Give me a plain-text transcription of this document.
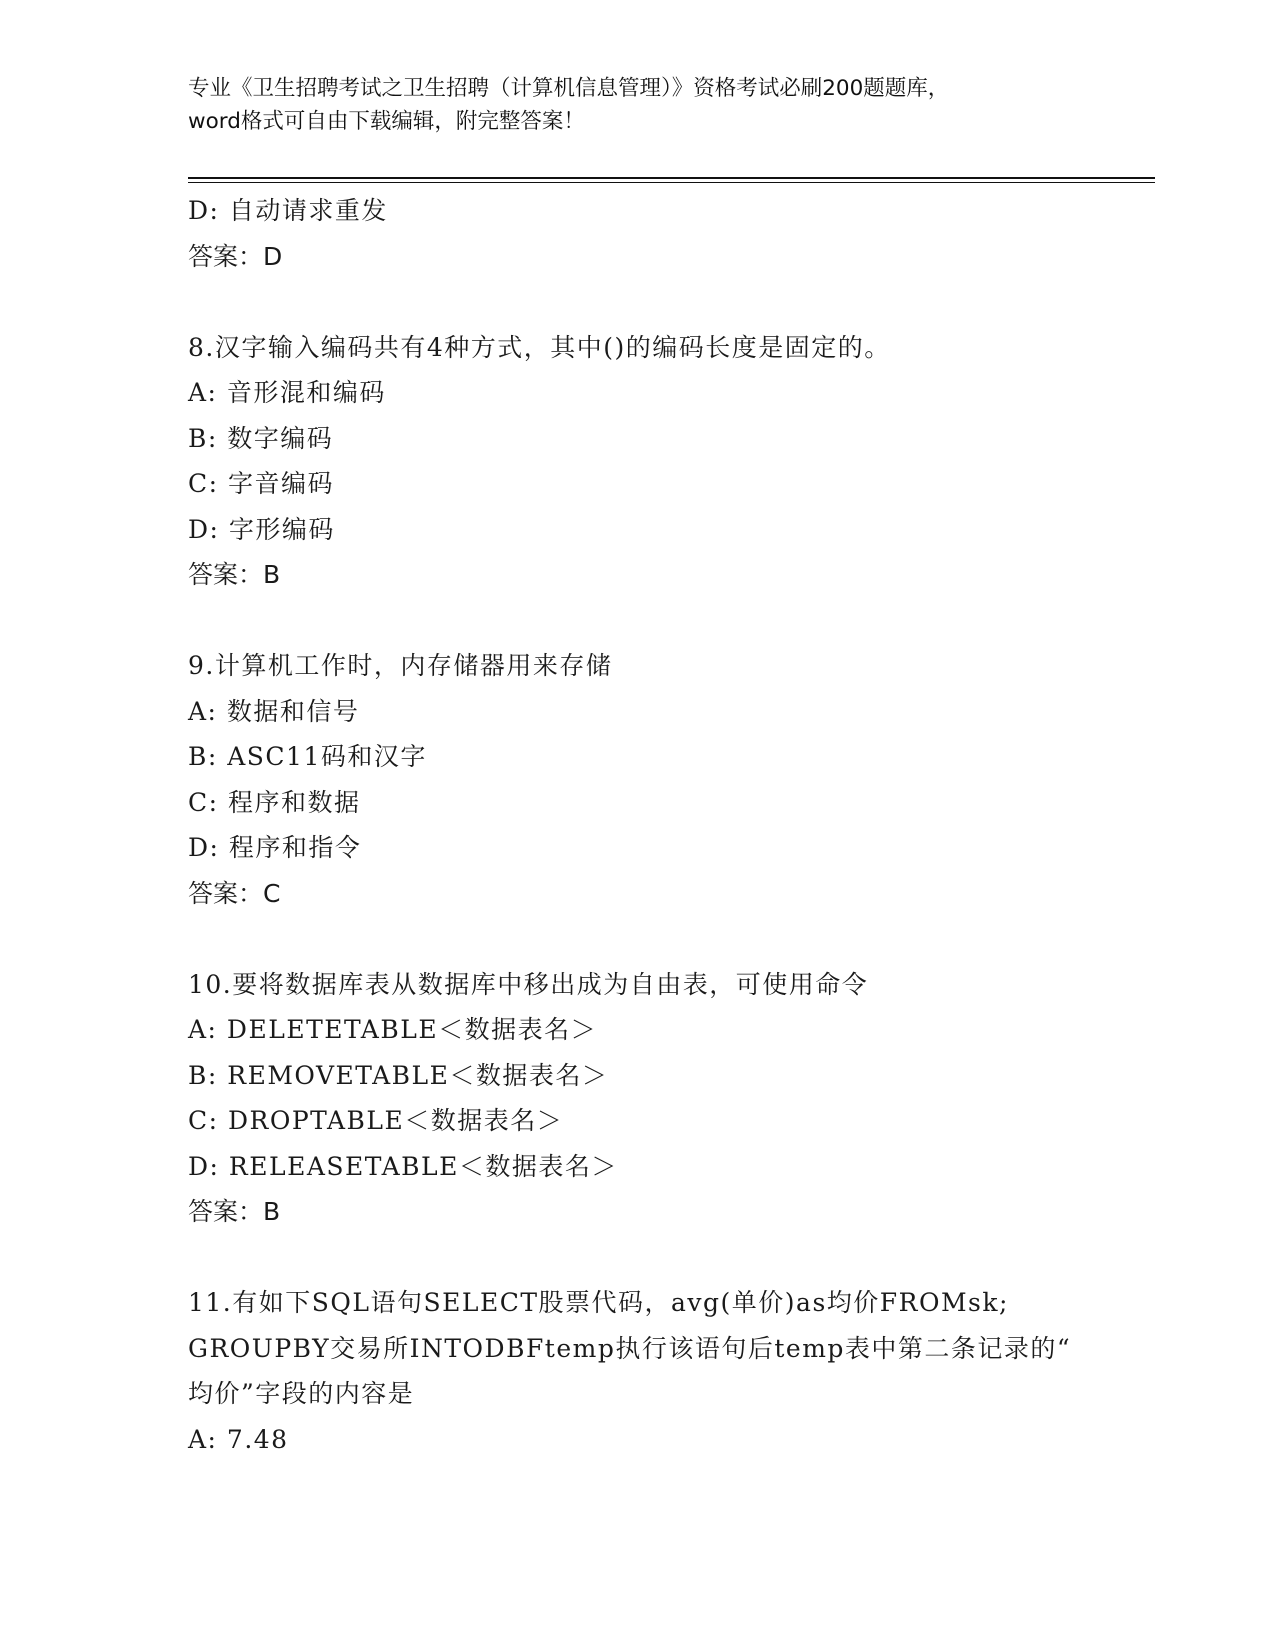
专业《卫生招聘考试之卫生招聘（计算机信息管理）》资格考试必刷200题题库，
word格式可自由下载编辑，附完整答案！
D: 自动请求重发
答案：D
8.汉字输入编码共有4种方式，其中()的编码长度是固定的。
A: 音形混和编码
B: 数字编码
C: 字音编码
D: 字形编码
答案：B
9.计算机工作时，内存储器用来存储
A: 数据和信号
B: ASC11码和汉字
C: 程序和数据
D: 程序和指令
答案：C
10.要将数据库表从数据库中移出成为自由表，可使用命令
A: DELETETABLE＜数据表名＞
B: REMOVETABLE＜数据表名＞
C: DROPTABLE＜数据表名＞
D: RELEASETABLE＜数据表名＞
答案：B
11.有如下SQL语句SELECT股票代码，avg(单价)as均价FROMsk;
GROUPBY交易所INTODBFtemp执行该语句后temp表中第二条记录的“
均价”字段的内容是
A: 7.48
